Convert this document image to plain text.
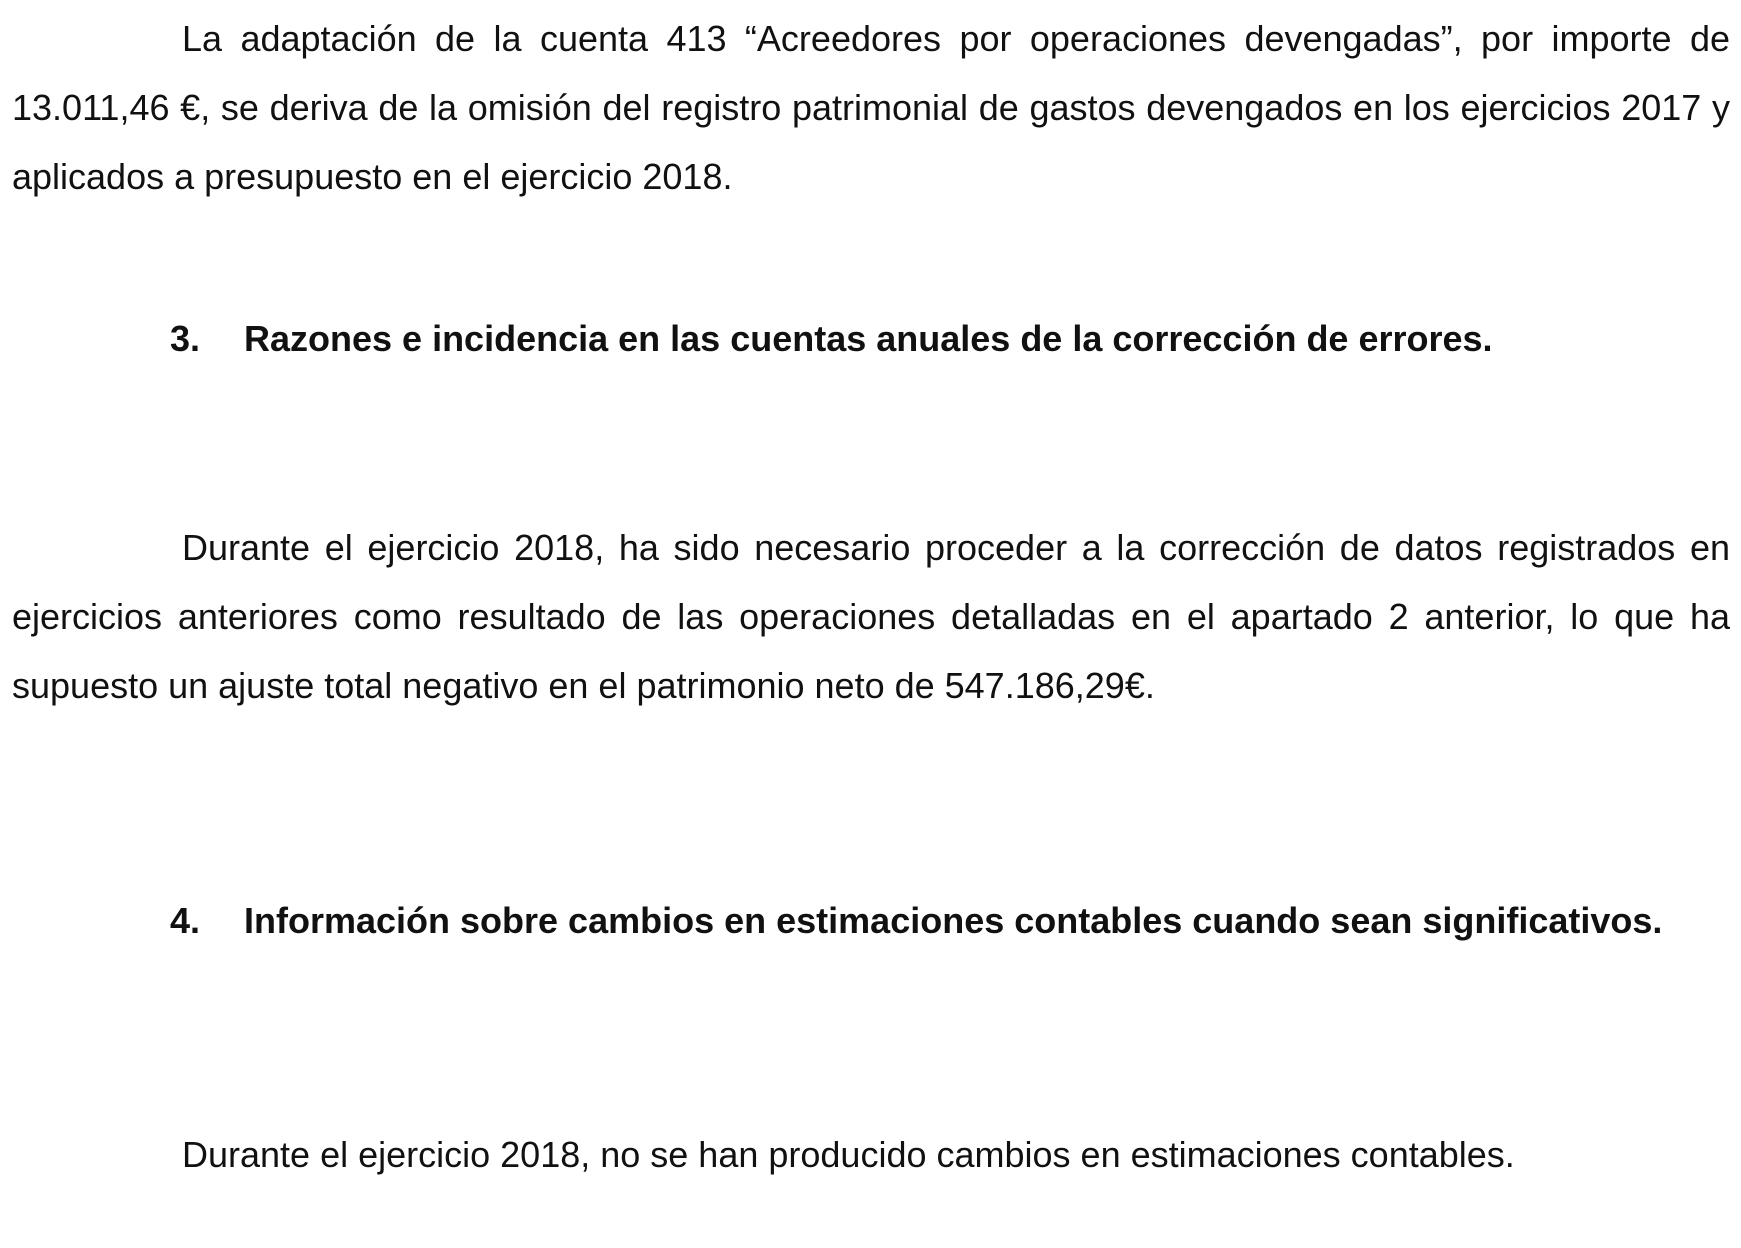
La adaptación de la cuenta 413 “Acreedores por operaciones devengadas”, por importe de 13.011,46 €, se deriva de la omisión del registro patrimonial de gastos devengados en los ejercicios 2017 y aplicados a presupuesto en el ejercicio 2018.

3.	Razones e incidencia en las cuentas anuales de la corrección de errores.

Durante el ejercicio 2018, ha sido necesario proceder a la corrección de datos registrados en ejercicios anteriores como resultado de las operaciones detalladas en el apartado 2 anterior, lo que ha supuesto un ajuste total negativo en el patrimonio neto de 547.186,29€.

4.	Información sobre cambios en estimaciones contables cuando sean significativos.

Durante el ejercicio 2018, no se han producido cambios en estimaciones contables.
